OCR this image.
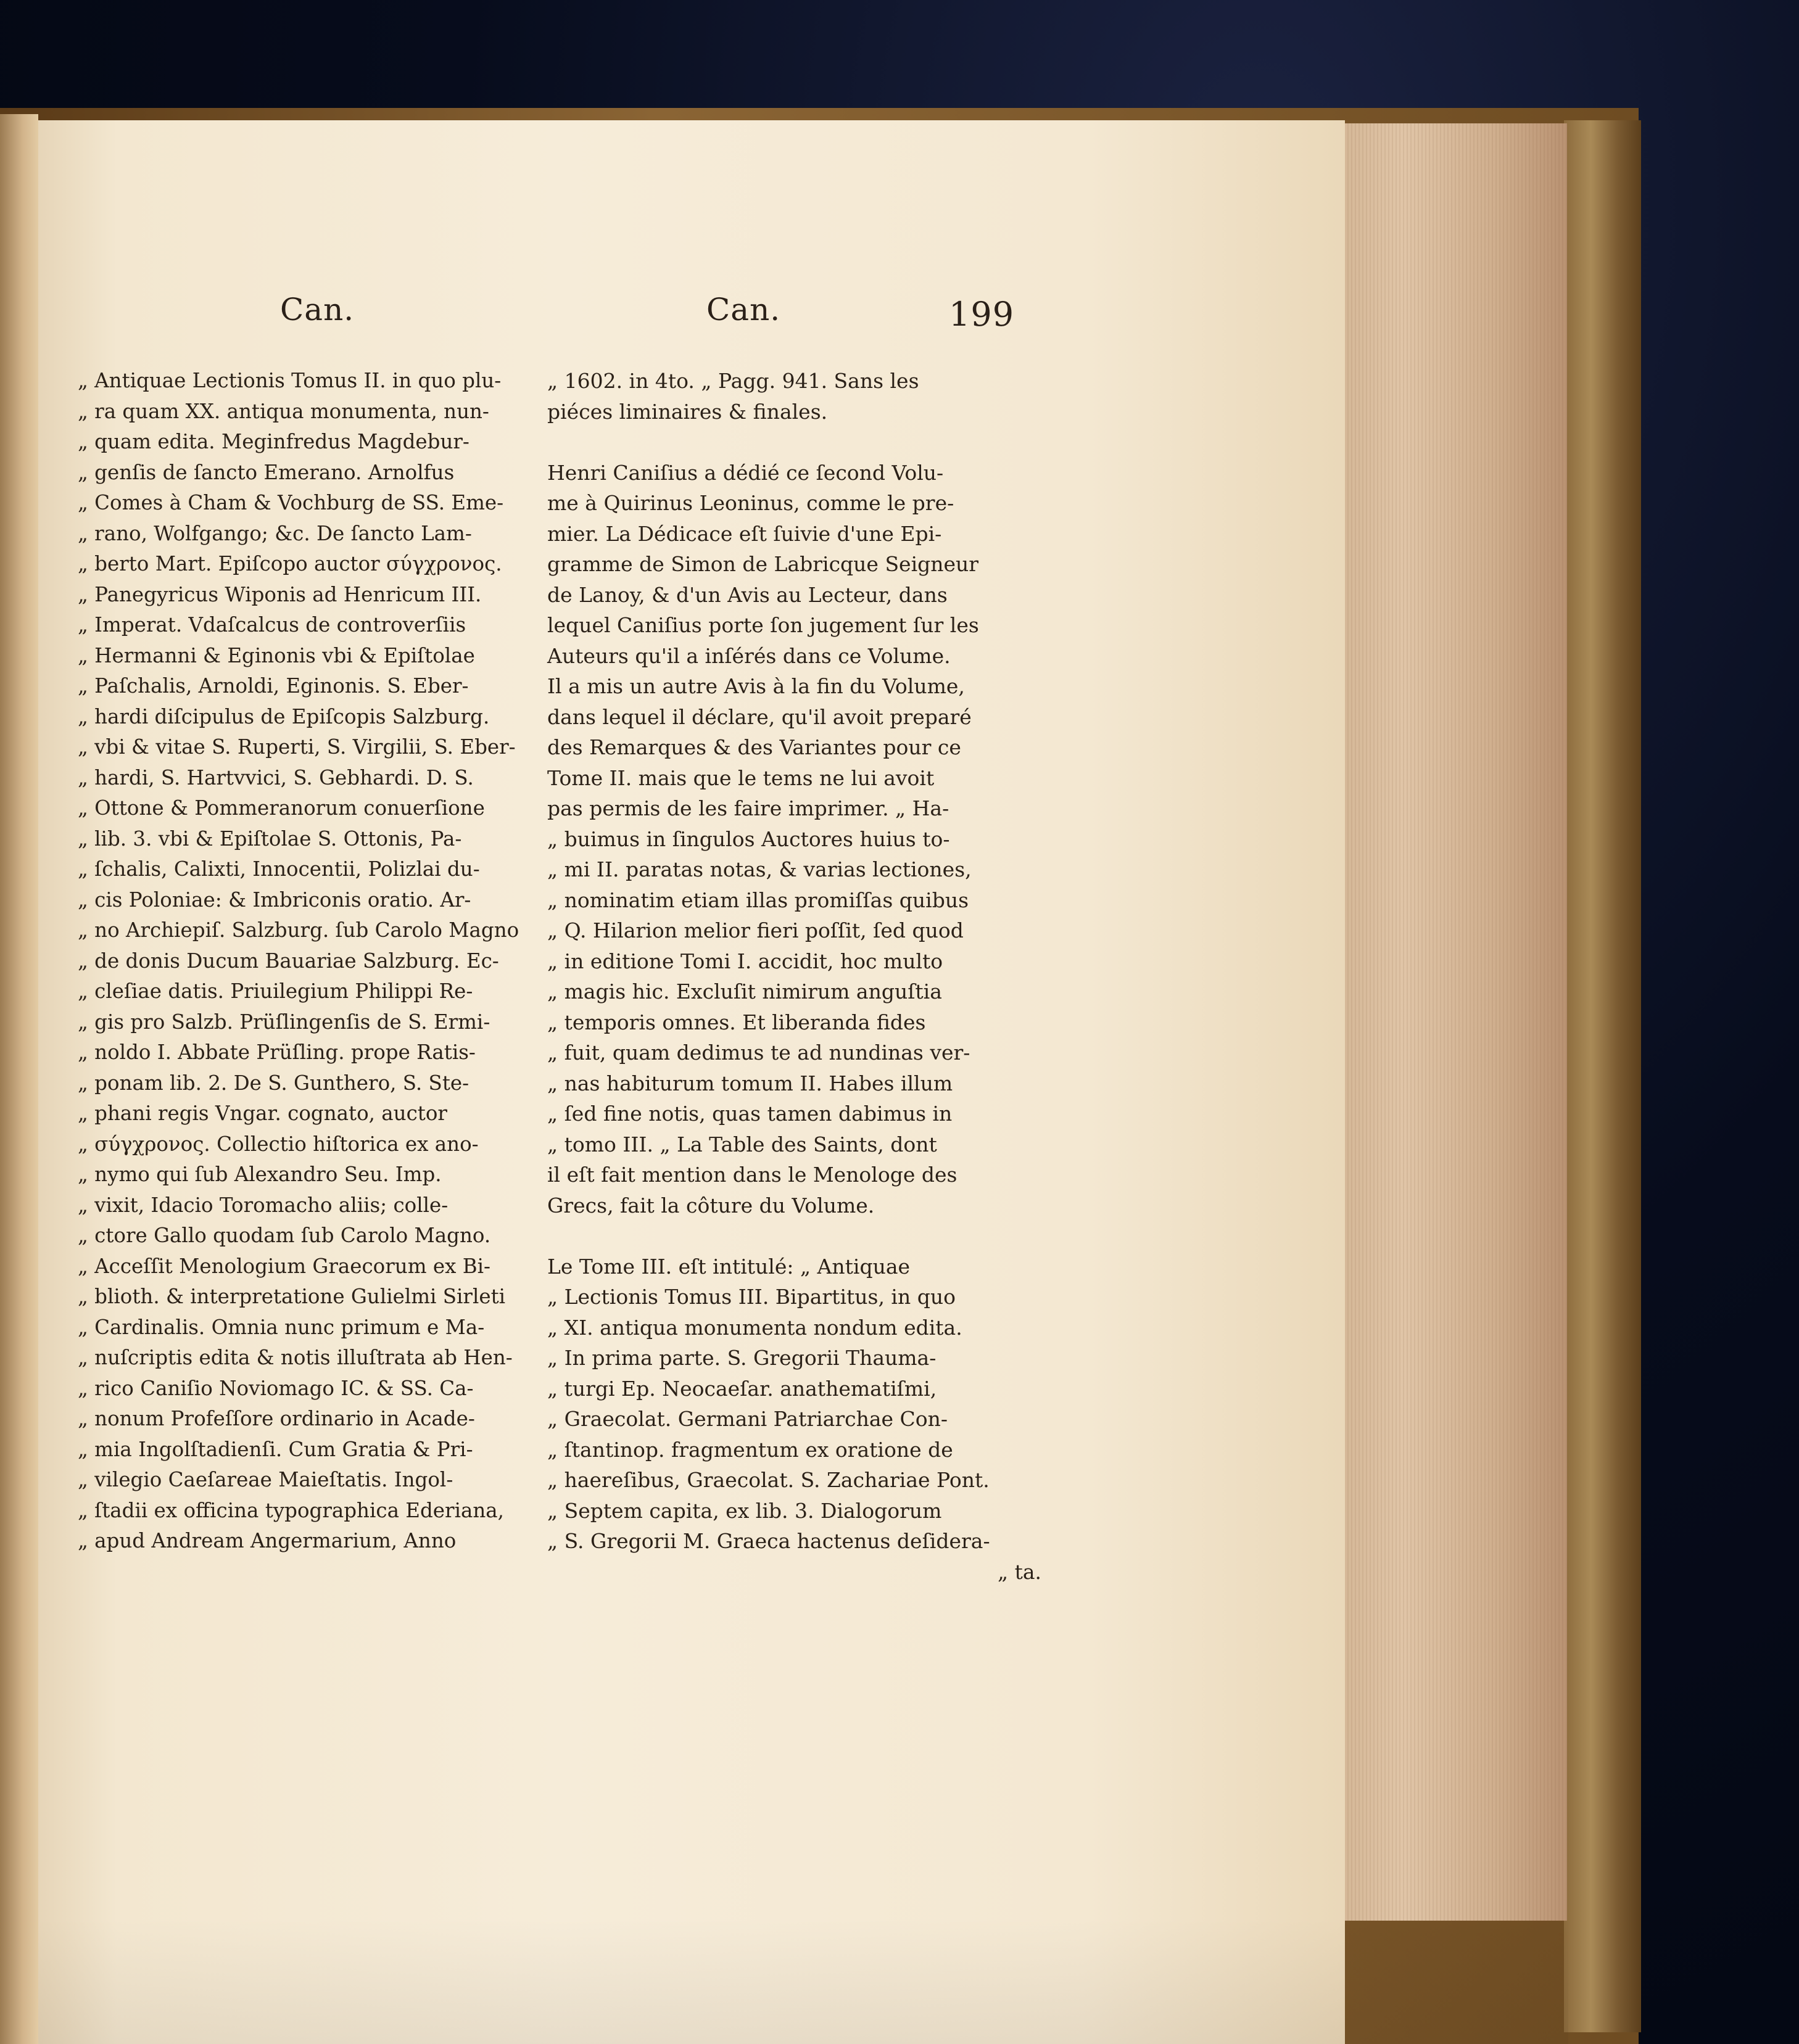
Can.	Can.	199
„ Antiquae Lectionis Tomus II. in quo plu-
„ ra quam XX. antiqua monumenta, nun-
„ quam edita. Meginfredus Magdebur-
„ genſis de ſancto Emerano. Arnolfus
„ Comes à Cham & Vochburg de SS. Eme-
„ rano, Wolfgango; &c. De ſancto Lam-
„ berto Mart. Epiſcopo auctor σύγχρονος.
„ Panegyricus Wiponis ad Henricum III.
„ Imperat. Vdaſcalcus de controverſiis
„ Hermanni & Eginonis vbi & Epiſtolae
„ Paſchalis, Arnoldi, Eginonis. S. Eber-
„ hardi diſcipulus de Epiſcopis Salzburg.
„ vbi & vitae S. Ruperti, S. Virgilii, S. Eber-
„ hardi, S. Hartvvici, S. Gebhardi. D. S.
„ Ottone & Pommeranorum conuerſione
„ lib. 3. vbi & Epiſtolae S. Ottonis, Pa-
„ ſchalis, Calixti, Innocentii, Polizlai du-
„ cis Poloniae: & Imbriconis oratio. Ar-
„ no Archiepiſ. Salzburg. ſub Carolo Magno
„ de donis Ducum Bauariae Salzburg. Ec-
„ cleſiae datis. Priuilegium Philippi Re-
„ gis pro Salzb. Prüſlingenſis de S. Ermi-
„ noldo I. Abbate Prüſling. prope Ratis-
„ ponam lib. 2. De S. Gunthero, S. Ste-
„ phani regis Vngar. cognato, auctor
„ σύγχρονος. Collectio hiſtorica ex ano-
„ nymo qui ſub Alexandro Seu. Imp.
„ vixit, Idacio Toromacho aliis; colle-
„ ctore Gallo quodam ſub Carolo Magno.
„ Acceſſit Menologium Graecorum ex Bi-
„ blioth. & interpretatione Gulielmi Sirleti
„ Cardinalis. Omnia nunc primum e Ma-
„ nuſcriptis edita & notis illuſtrata ab Hen-
„ rico Caniſio Noviomago IC. & SS. Ca-
„ nonum Profeſſore ordinario in Acade-
„ mia Ingolſtadienſi. Cum Gratia & Pri-
„ vilegio Caeſareae Maieſtatis. Ingol-
„ ſtadii ex officina typographica Ederiana,
„ apud Andream Angermarium, Anno
„ 1602. in 4to. „ Pagg. 941. Sans les
piéces liminaires & finales.
Henri Caniſius a dédié ce ſecond Volu-
me à Quirinus Leoninus, comme le pre-
mier. La Dédicace eſt ſuivie d'une Epi-
gramme de Simon de Labricque Seigneur
de Lanoy, & d'un Avis au Lecteur, dans
lequel Caniſius porte ſon jugement ſur les
Auteurs qu'il a inſérés dans ce Volume.
Il a mis un autre Avis à la fin du Volume,
dans lequel il déclare, qu'il avoit preparé
des Remarques & des Variantes pour ce
Tome II. mais que le tems ne lui avoit
pas permis de les faire imprimer. „ Ha-
„ buimus in ſingulos Auctores huius to-
„ mi II. paratas notas, & varias lectiones,
„ nominatim etiam illas promiſſas quibus
„ Q. Hilarion melior fieri poſſit, ſed quod
„ in editione Tomi I. accidit, hoc multo
„ magis hic. Excluſit nimirum anguſtia
„ temporis omnes. Et liberanda fides
„ fuit, quam dedimus te ad nundinas ver-
„ nas habiturum tomum II. Habes illum
„ ſed fine notis, quas tamen dabimus in
„ tomo III. „ La Table des Saints, dont
il eſt fait mention dans le Menologe des
Grecs, fait la côture du Volume.
Le Tome III. eſt intitulé: „ Antiquae
„ Lectionis Tomus III. Bipartitus, in quo
„ XI. antiqua monumenta nondum edita.
„ In prima parte. S. Gregorii Thauma-
„ turgi Ep. Neocaeſar. anathematiſmi,
„ Graecolat. Germani Patriarchae Con-
„ ſtantinop. fragmentum ex oratione de
„ haereſibus, Graecolat. S. Zachariae Pont.
„ Septem capita, ex lib. 3. Dialogorum
„ S. Gregorii M. Graeca hactenus deſidera-
„ ta.
